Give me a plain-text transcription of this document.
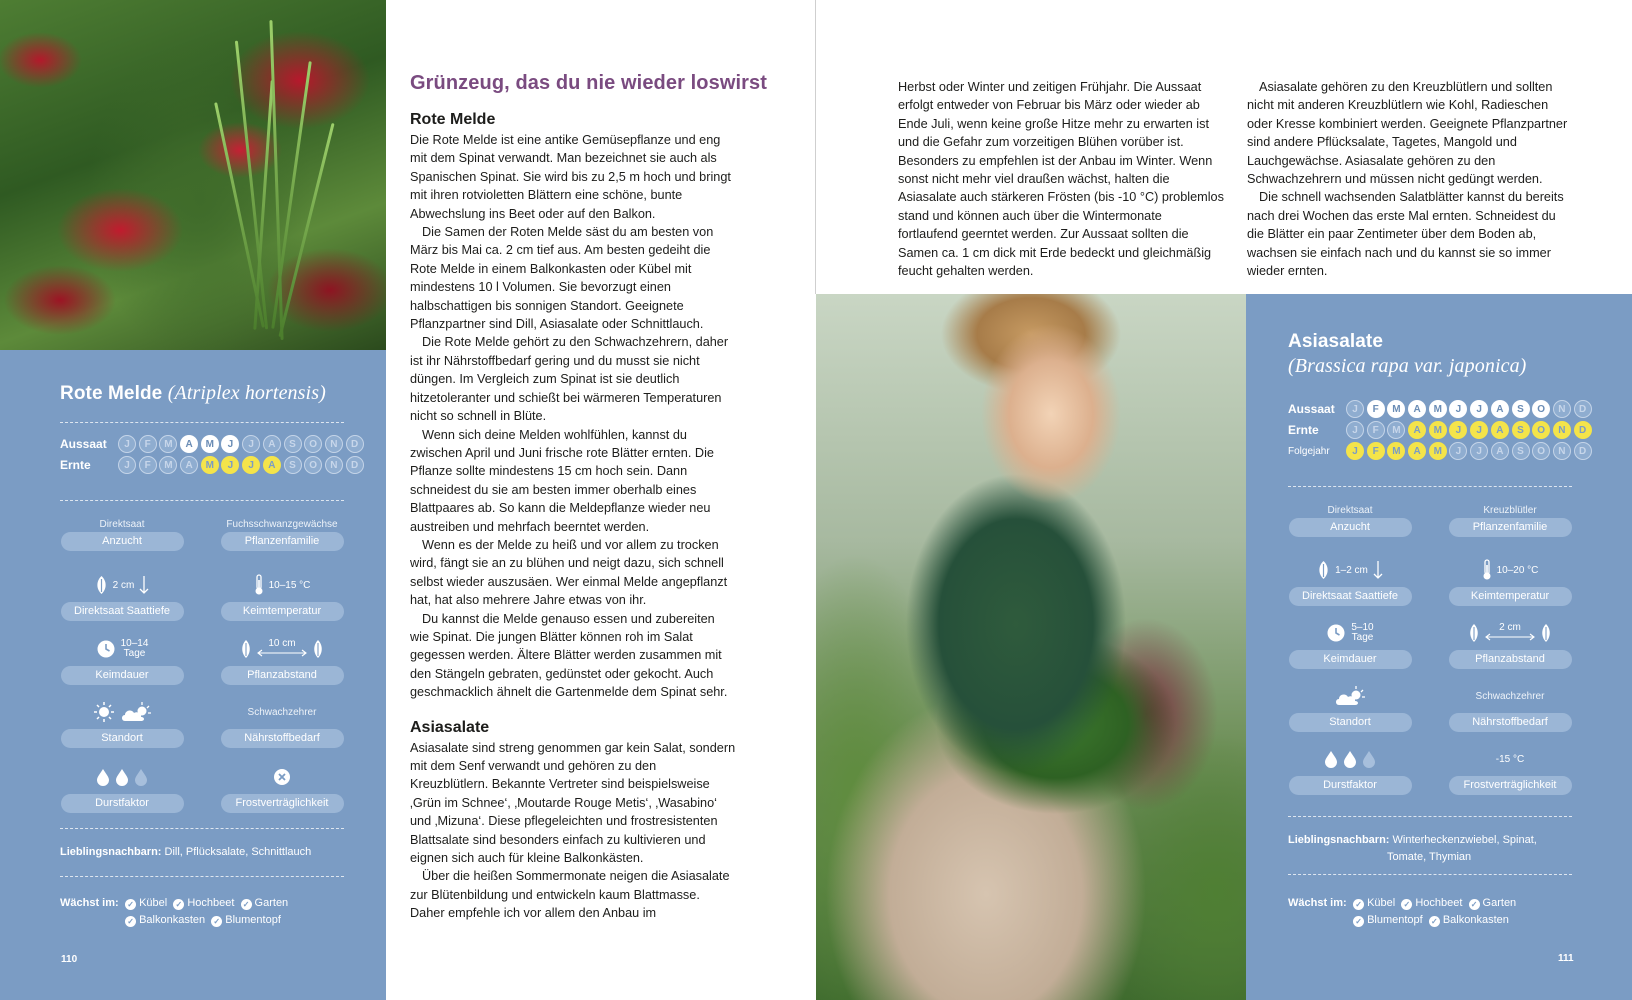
Rote Melde (Atriplex hortensis)
Aussaat	J	F	M	A	M	J	J	A	S	O	N	D
Ernte	J	F	M	A	M	J	J	A	S	O	N	D
Direktsaat
Anzucht
Fuchsschwanzgewächse
Pflanzenfamilie
2 cm
Direktsaat Saattiefe
10–15 °C
Keimtemperatur
10–14
Tage
Keimdauer
10 cm
Pflanzabstand
Standort
Schwachzehrer
Nährstoffbedarf
Durstfaktor	Frostverträglichkeit
Lieblingsnachbarn: Dill, Pflücksalate, Schnittlauch
Wächst im: ✓ Kübel ✓ Hochbeet ✓ Garten
✓ Balkonkasten ✓ Blumentopf
110
Grünzeug, das du nie wieder loswirst
Rote Melde

Die Rote Melde ist eine antike Gemüsepflanze und eng mit dem Spinat verwandt. Man bezeichnet sie auch als Spanischen Spinat. Sie wird bis zu 2,5 m hoch und bringt mit ihren rotvioletten Blättern eine schöne, bunte Abwechslung ins Beet oder auf den Balkon.

Die Samen der Roten Melde säst du am besten von März bis Mai ca. 2 cm tief aus. Am besten gedeiht die Rote Melde in einem Balkonkasten oder Kübel mit mindestens 10 l Volumen. Sie bevorzugt einen halbschattigen bis sonnigen Standort. Geeignete Pflanzpartner sind Dill, Asiasalate oder Schnittlauch.

Die Rote Melde gehört zu den Schwachzehrern, daher ist ihr Nährstoffbedarf gering und du musst sie nicht düngen. Im Vergleich zum Spinat ist sie deutlich hitzetoleranter und schießt bei wärmeren Temperaturen nicht so schnell in Blüte.

Wenn sich deine Melden wohlfühlen, kannst du zwischen April und Juni frische rote Blätter ernten. Die Pflanze sollte mindestens 15 cm hoch sein. Dann schneidest du sie am besten immer oberhalb eines Blattpaares ab. So kann die Meldepflanze wieder neu austreiben und mehrfach beerntet werden.

Wenn es der Melde zu heiß und vor allem zu trocken wird, fängt sie an zu blühen und neigt dazu, sich schnell selbst wieder auszusäen. Wer einmal Melde angepflanzt hat, hat also mehrere Jahre etwas von ihr.

Du kannst die Melde genauso essen und zubereiten wie Spinat. Die jungen Blätter können roh im Salat gegessen werden. Ältere Blätter werden zusammen mit den Stängeln gebraten, gedünstet oder gekocht. Auch geschmacklich ähnelt die Gartenmelde dem Spinat sehr.

Asiasalate

Asiasalate sind streng genommen gar kein Salat, sondern mit dem Senf verwandt und gehören zu den Kreuzblütlern. Bekannte Vertreter sind beispielsweise ‚Grün im Schnee‘, ‚Moutarde Rouge Metis‘, ‚Wasabino‘ und ‚Mizuna‘. Diese pflegeleichten und frostresistenten Blattsalate sind besonders einfach zu kultivieren und eignen sich auch für kleine Balkonkästen.

Über die heißen Sommermonate neigen die Asiasalate zur Blütenbildung und entwickeln kaum Blattmasse. Daher empfehle ich vor allem den Anbau im

Herbst oder Winter und zeitigen Frühjahr. Die Aussaat erfolgt entweder von Februar bis März oder wieder ab Ende Juli, wenn keine große Hitze mehr zu erwarten ist und die Gefahr zum vorzeitigen Blühen vorüber ist. Besonders zu empfehlen ist der Anbau im Winter. Wenn sonst nicht mehr viel draußen wächst, halten die Asiasalate auch stärkeren Frösten (bis -10 °C) problemlos stand und können auch über die Wintermonate fortlaufend geerntet werden. Zur Aussaat sollten die Samen ca. 1 cm dick mit Erde bedeckt und gleichmäßig feucht gehalten werden.

Asiasalate gehören zu den Kreuzblütlern und sollten nicht mit anderen Kreuzblütlern wie Kohl, Radieschen oder Kresse kombiniert werden. Geeignete Pflanzpartner sind andere Pflücksalate, Tagetes, Mangold und Lauchgewächse. Asiasalate gehören zu den Schwachzehrern und müssen nicht gedüngt werden.

Die schnell wachsenden Salatblätter kannst du bereits nach drei Wochen das erste Mal ernten. Schneidest du die Blätter ein paar Zentimeter über dem Boden ab, wachsen sie einfach nach und du kannst sie so immer wieder ernten.

Asiasalate
(Brassica rapa var. japonica)
Aussaat	J	F	M	A	M	J	J	A	S	O	N	D
Ernte	J	F	M	A	M	J	J	A	S	O	N	D
Folgejahr	J	F	M	A	M	J	J	A	S	O	N	D
Direktsaat
Anzucht
Kreuzblütler
Pflanzenfamilie
1–2 cm
Direktsaat Saattiefe
10–20 °C
Keimtemperatur
5–10
Tage
Keimdauer
2 cm
Pflanzabstand
Standort
Schwachzehrer
Nährstoffbedarf
Durstfaktor
-15 °C
Frostverträglichkeit
Lieblingsnachbarn: Winterheckenzwiebel, Spinat,
Tomate, Thymian
Wächst im: ✓ Kübel ✓ Hochbeet ✓ Garten
✓ Blumentopf ✓ Balkonkasten
111
